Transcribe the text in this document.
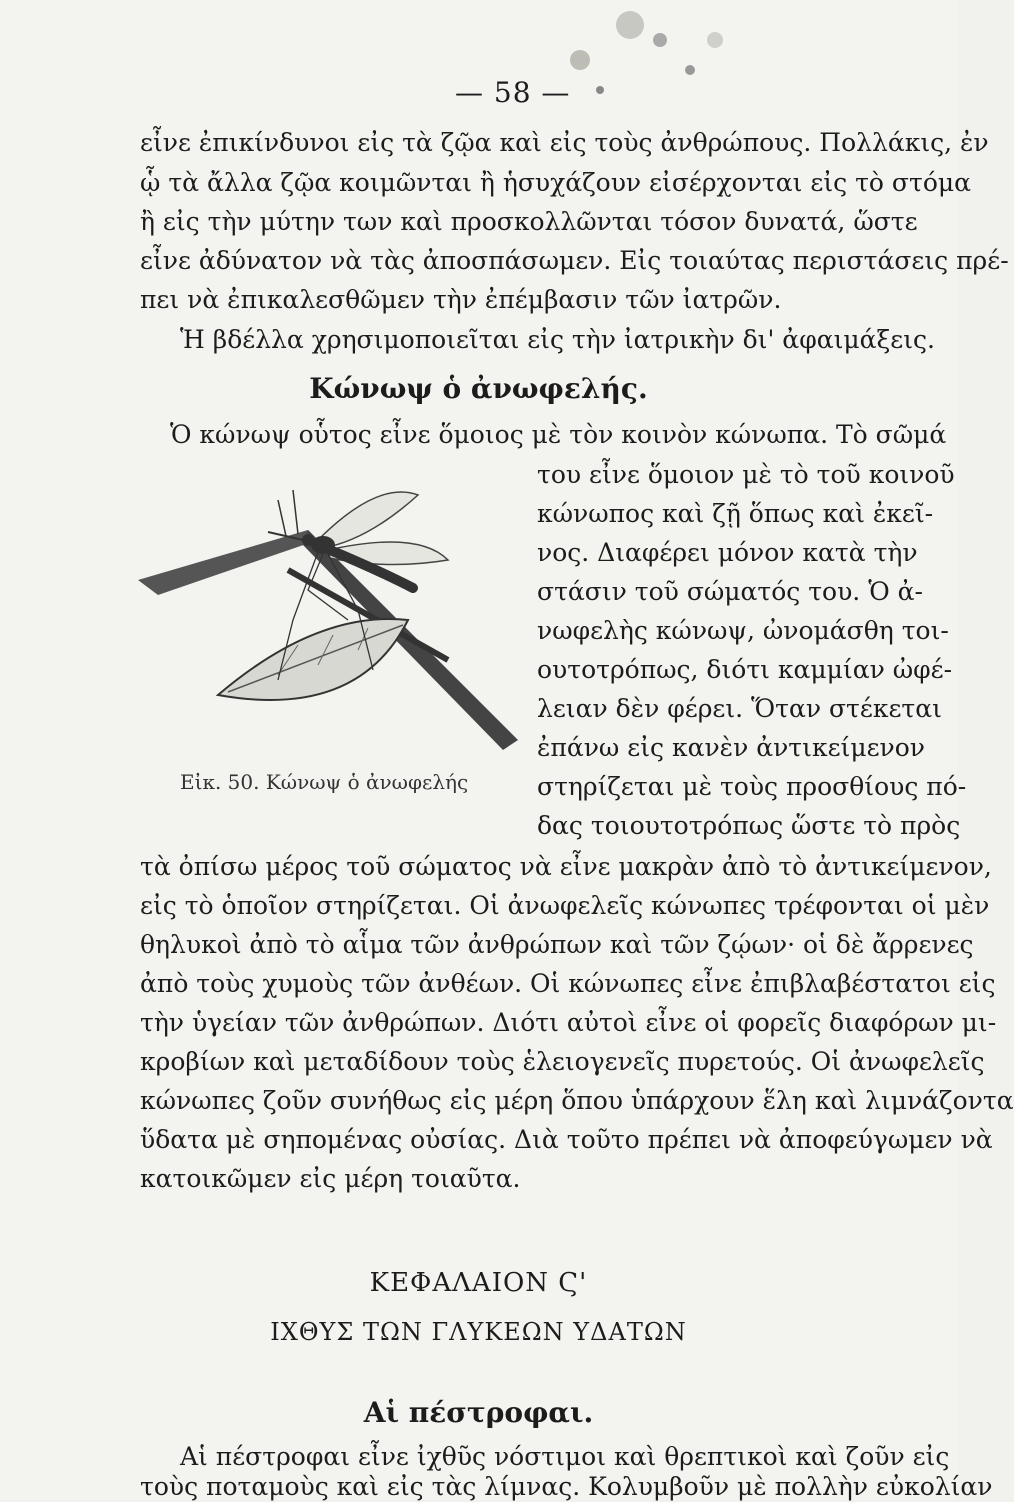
— 58 —
εἶνε ἐπικίνδυνοι εἰς τὰ ζῷα καὶ εἰς τοὺς ἀνθρώπους. Πολλάκις, ἐν
ᾧ τὰ ἄλλα ζῷα κοιμῶνται ἢ ἡσυχάζουν εἰσέρχονται εἰς τὸ στόμα
ἢ εἰς τὴν μύτην των καὶ προσκολλῶνται τόσον δυνατά, ὥστε
εἶνε ἀδύνατον νὰ τὰς ἀποσπάσωμεν. Εἰς τοιαύτας περιστάσεις πρέ-
πει νὰ ἐπικαλεσθῶμεν τὴν ἐπέμβασιν τῶν ἰατρῶν.
Ἡ βδέλλα χρησιμοποιεῖται εἰς τὴν ἰατρικὴν δι' ἀφαιμάξεις.
Κώνωψ ὁ ἀνωφελής.
Ὁ κώνωψ οὗτος εἶνε ὅμοιος μὲ τὸν κοινὸν κώνωπα. Τὸ σῶμά
Εἰκ. 50. Κώνωψ ὁ ἀνωφελής
του εἶνε ὅμοιον μὲ τὸ τοῦ κοινοῦ
κώνωπος καὶ ζῇ ὅπως καὶ ἐκεῖ-
νος. Διαφέρει μόνον κατὰ τὴν
στάσιν τοῦ σώματός του. Ὁ ἀ-
νωφελὴς κώνωψ, ὠνομάσθη τοι-
ουτοτρόπως, διότι καμμίαν ὠφέ-
λειαν δὲν φέρει. Ὅταν στέκεται
ἐπάνω εἰς κανὲν ἀντικείμενον
στηρίζεται μὲ τοὺς προσθίους πό-
δας τοιουτοτρόπως ὥστε τὸ πρὸς
τὰ ὀπίσω μέρος τοῦ σώματος νὰ εἶνε μακρὰν ἀπὸ τὸ ἀντικείμενον,
εἰς τὸ ὁποῖον στηρίζεται. Οἱ ἀνωφελεῖς κώνωπες τρέφονται οἱ μὲν
θηλυκοὶ ἀπὸ τὸ αἷμα τῶν ἀνθρώπων καὶ τῶν ζῴων· οἱ δὲ ἄρρενες
ἀπὸ τοὺς χυμοὺς τῶν ἀνθέων. Οἱ κώνωπες εἶνε ἐπιβλαβέστατοι εἰς
τὴν ὑγείαν τῶν ἀνθρώπων. Διότι αὐτοὶ εἶνε οἱ φορεῖς διαφόρων μι-
κροβίων καὶ μεταδίδουν τοὺς ἑλειογενεῖς πυρετούς. Οἱ ἀνωφελεῖς
κώνωπες ζοῦν συνήθως εἰς μέρη ὅπου ὑπάρχουν ἕλη καὶ λιμνάζοντα
ὕδατα μὲ σηπομένας οὐσίας. Διὰ τοῦτο πρέπει νὰ ἀποφεύγωμεν νὰ
κατοικῶμεν εἰς μέρη τοιαῦτα.
ΚΕΦΑΛΑΙΟΝ Ϛ'
ΙΧΘΥΣ ΤΩΝ ΓΛΥΚΕΩΝ ΥΔΑΤΩΝ
Αἱ πέστροφαι.
Αἱ πέστροφαι εἶνε ἰχθῦς νόστιμοι καὶ θρεπτικοὶ καὶ ζοῦν εἰς
τοὺς ποταμοὺς καὶ εἰς τὰς λίμνας. Κολυμβοῦν μὲ πολλὴν εὐκολίαν
